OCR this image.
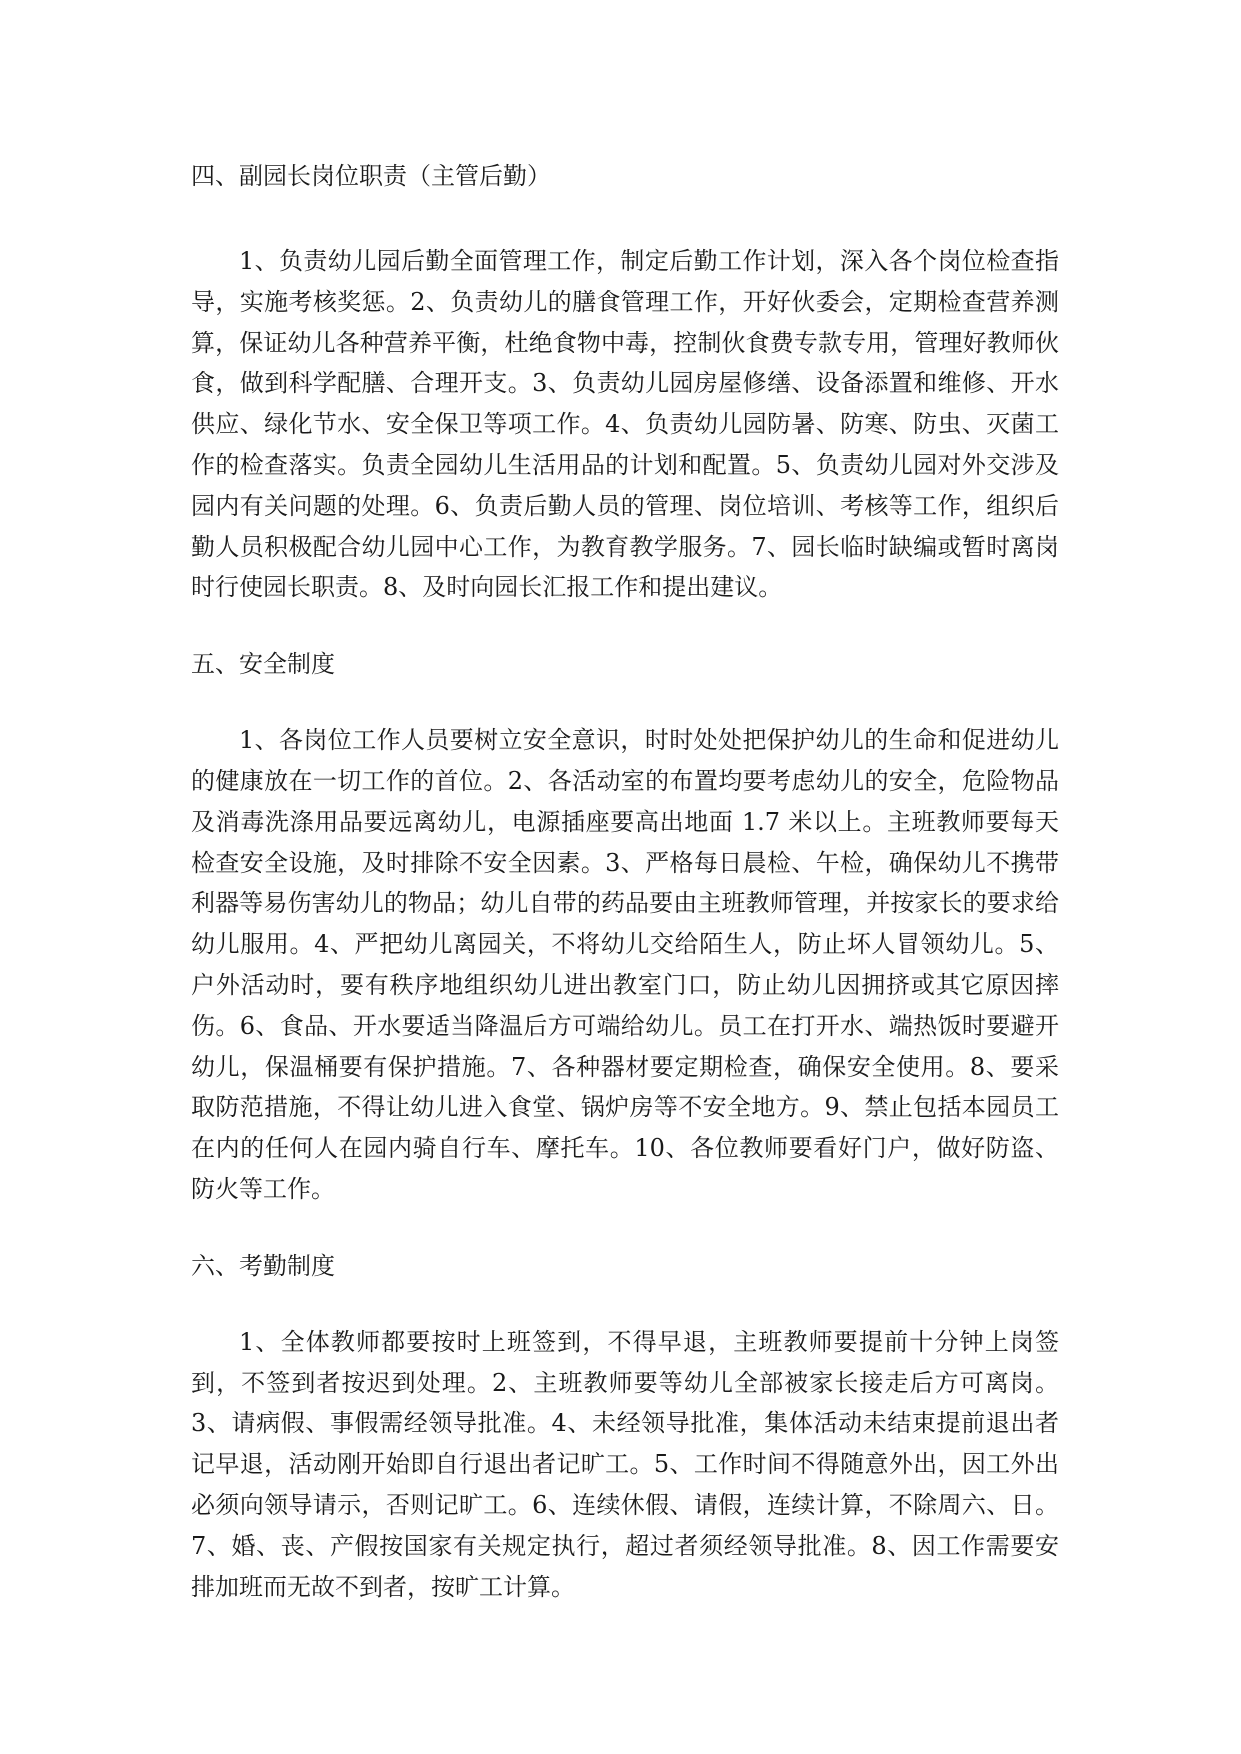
四、副园长岗位职责（主管后勤）

1、负责幼儿园后勤全面管理工作，制定后勤工作计划，深入各个岗位检查指导，实施考核奖惩。2、负责幼儿的膳食管理工作，开好伙委会，定期检查营养测算，保证幼儿各种营养平衡，杜绝食物中毒，控制伙食费专款专用，管理好教师伙食，做到科学配膳、合理开支。3、负责幼儿园房屋修缮、设备添置和维修、开水供应、绿化节水、安全保卫等项工作。4、负责幼儿园防暑、防寒、防虫、灭菌工作的检查落实。负责全园幼儿生活用品的计划和配置。5、负责幼儿园对外交涉及园内有关问题的处理。6、负责后勤人员的管理、岗位培训、考核等工作，组织后勤人员积极配合幼儿园中心工作，为教育教学服务。7、园长临时缺编或暂时离岗时行使园长职责。8、及时向园长汇报工作和提出建议。

五、安全制度

1、各岗位工作人员要树立安全意识，时时处处把保护幼儿的生命和促进幼儿的健康放在一切工作的首位。2、各活动室的布置均要考虑幼儿的安全，危险物品及消毒洗涤用品要远离幼儿，电源插座要高出地面 1.7 米以上。主班教师要每天检查安全设施，及时排除不安全因素。3、严格每日晨检、午检，确保幼儿不携带利器等易伤害幼儿的物品；幼儿自带的药品要由主班教师管理，并按家长的要求给幼儿服用。4、严把幼儿离园关，不将幼儿交给陌生人，防止坏人冒领幼儿。5、户外活动时，要有秩序地组织幼儿进出教室门口，防止幼儿因拥挤或其它原因摔伤。6、食品、开水要适当降温后方可端给幼儿。员工在打开水、端热饭时要避开幼儿，保温桶要有保护措施。7、各种器材要定期检查，确保安全使用。8、要采取防范措施，不得让幼儿进入食堂、锅炉房等不安全地方。9、禁止包括本园员工在内的任何人在园内骑自行车、摩托车。10、各位教师要看好门户，做好防盗、防火等工作。

六、考勤制度

1、全体教师都要按时上班签到，不得早退，主班教师要提前十分钟上岗签到，不签到者按迟到处理。2、主班教师要等幼儿全部被家长接走后方可离岗。3、请病假、事假需经领导批准。4、未经领导批准，集体活动未结束提前退出者记早退，活动刚开始即自行退出者记旷工。5、工作时间不得随意外出，因工外出必须向领导请示，否则记旷工。6、连续休假、请假，连续计算，不除周六、日。7、婚、丧、产假按国家有关规定执行，超过者须经领导批准。8、因工作需要安排加班而无故不到者，按旷工计算。
